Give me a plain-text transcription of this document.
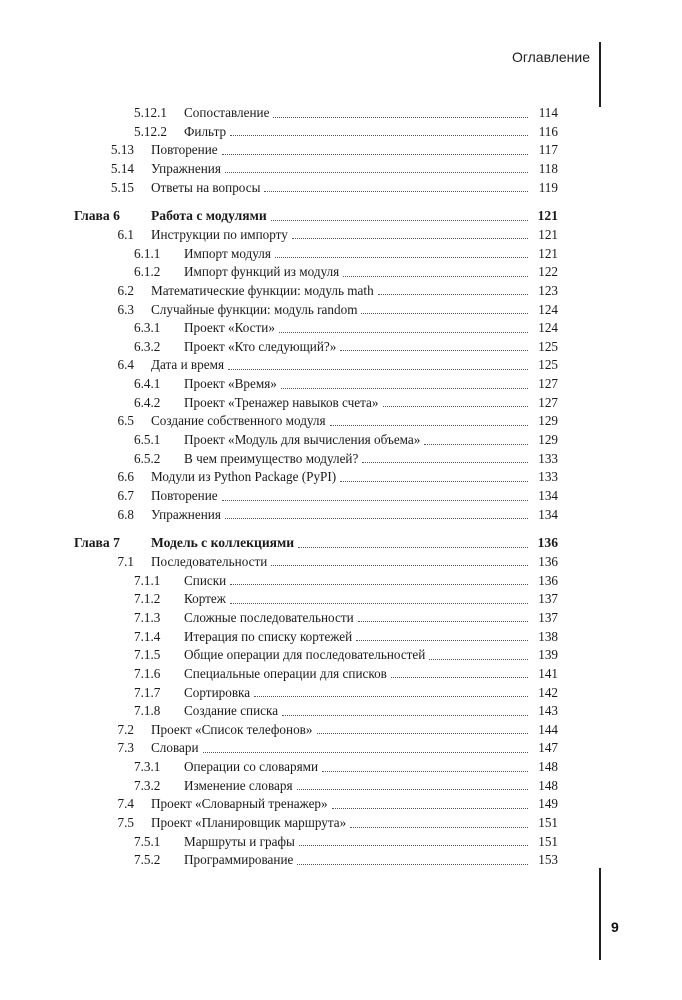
Оглавление
9
5.12.1 Сопоставление	114
5.12.2 Фильтр	116
5.13 Повторение	117
5.14 Упражнения	118
5.15 Ответы на вопросы	119
Глава 6	Работа с модулями	121
6.1 Инструкции по импорту	121
6.1.1 Импорт модуля	121
6.1.2 Импорт функций из модуля	122
6.2 Математические функции: модуль math	123
6.3 Случайные функции: модуль random	124
6.3.1 Проект «Кости»	124
6.3.2 Проект «Кто следующий?»	125
6.4 Дата и время	125
6.4.1 Проект «Время»	127
6.4.2 Проект «Тренажер навыков счета»	127
6.5 Создание собственного модуля	129
6.5.1 Проект «Модуль для вычисления объема»	129
6.5.2 В чем преимущество модулей?	133
6.6 Модули из Python Package (PyPI)	133
6.7 Повторение	134
6.8 Упражнения	134
Глава 7	Модель с коллекциями	136
7.1 Последовательности	136
7.1.1 Списки	136
7.1.2 Кортеж	137
7.1.3 Сложные последовательности	137
7.1.4 Итерация по списку кортежей	138
7.1.5 Общие операции для последовательностей	139
7.1.6 Специальные операции для списков	141
7.1.7 Сортировка	142
7.1.8 Создание списка	143
7.2 Проект «Список телефонов»	144
7.3 Словари	147
7.3.1 Операции со словарями	148
7.3.2 Изменение словаря	148
7.4 Проект «Словарный тренажер»	149
7.5 Проект «Планировщик маршрута»	151
7.5.1 Маршруты и графы	151
7.5.2 Программирование	153
